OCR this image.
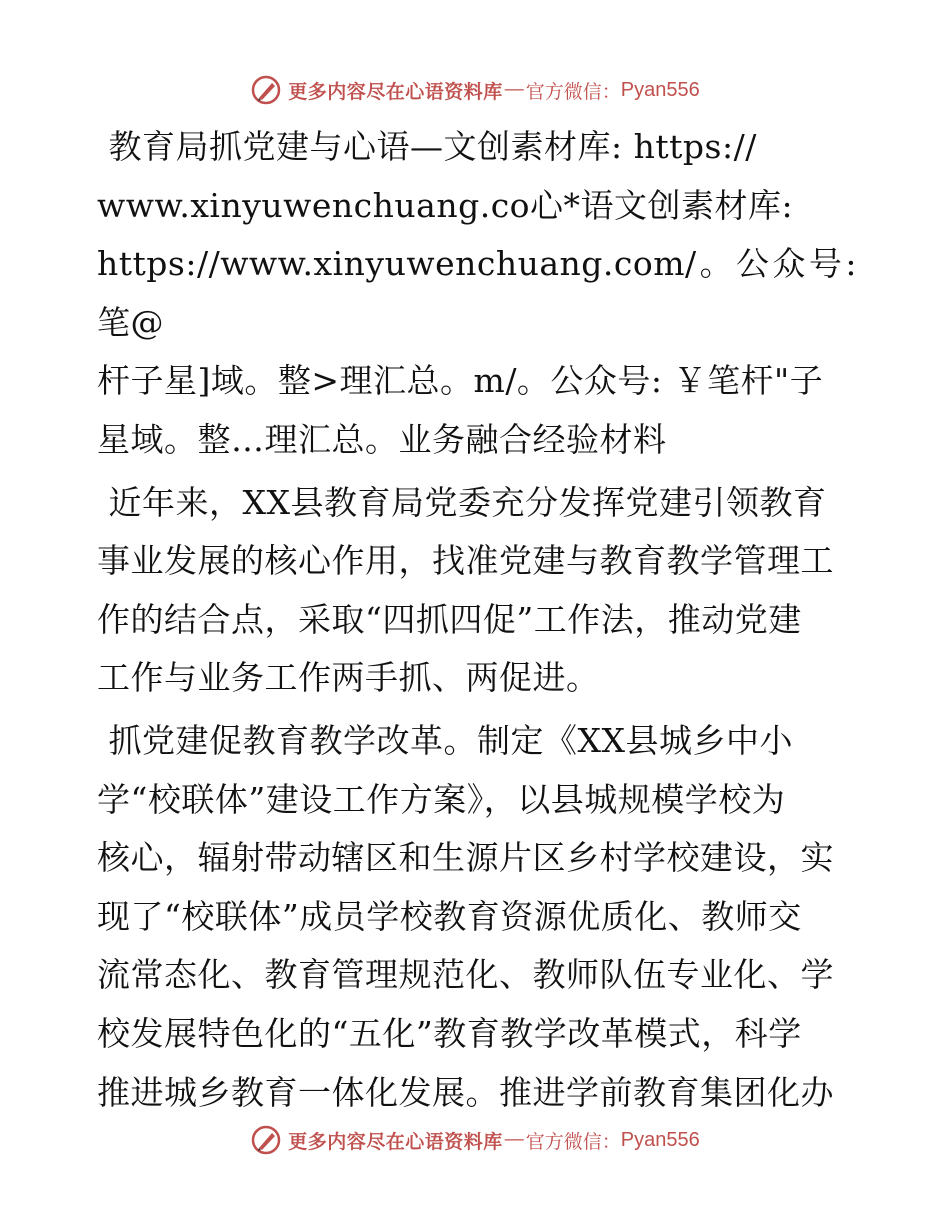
更多内容尽在心语资料库 — 官方微信： Pyan556

教育局抓党建与心语—文创素材库: https://
www.xinyuwenchuang.co心*语文创素材库:
https://www.xinyuwenchuang.com/。公众号: 笔@
杆子星]域。整>理汇总。m/。公众号: ￥笔杆"子
星域。整…理汇总。业务融合经验材料

近年来，XX县教育局党委充分发挥党建引领教育
事业发展的核心作用，找准党建与教育教学管理工
作的结合点，采取“四抓四促”工作法，推动党建
工作与业务工作两手抓、两促进。

抓党建促教育教学改革。制定《XX县城乡中小
学“校联体”建设工作方案》，以县城规模学校为
核心，辐射带动辖区和生源片区乡村学校建设，实
现了“校联体”成员学校教育资源优质化、教师交
流常态化、教育管理规范化、教师队伍专业化、学
校发展特色化的“五化”教育教学改革模式，科学
推进城乡教育一体化发展。推进学前教育集团化办

更多内容尽在心语资料库 — 官方微信： Pyan556
